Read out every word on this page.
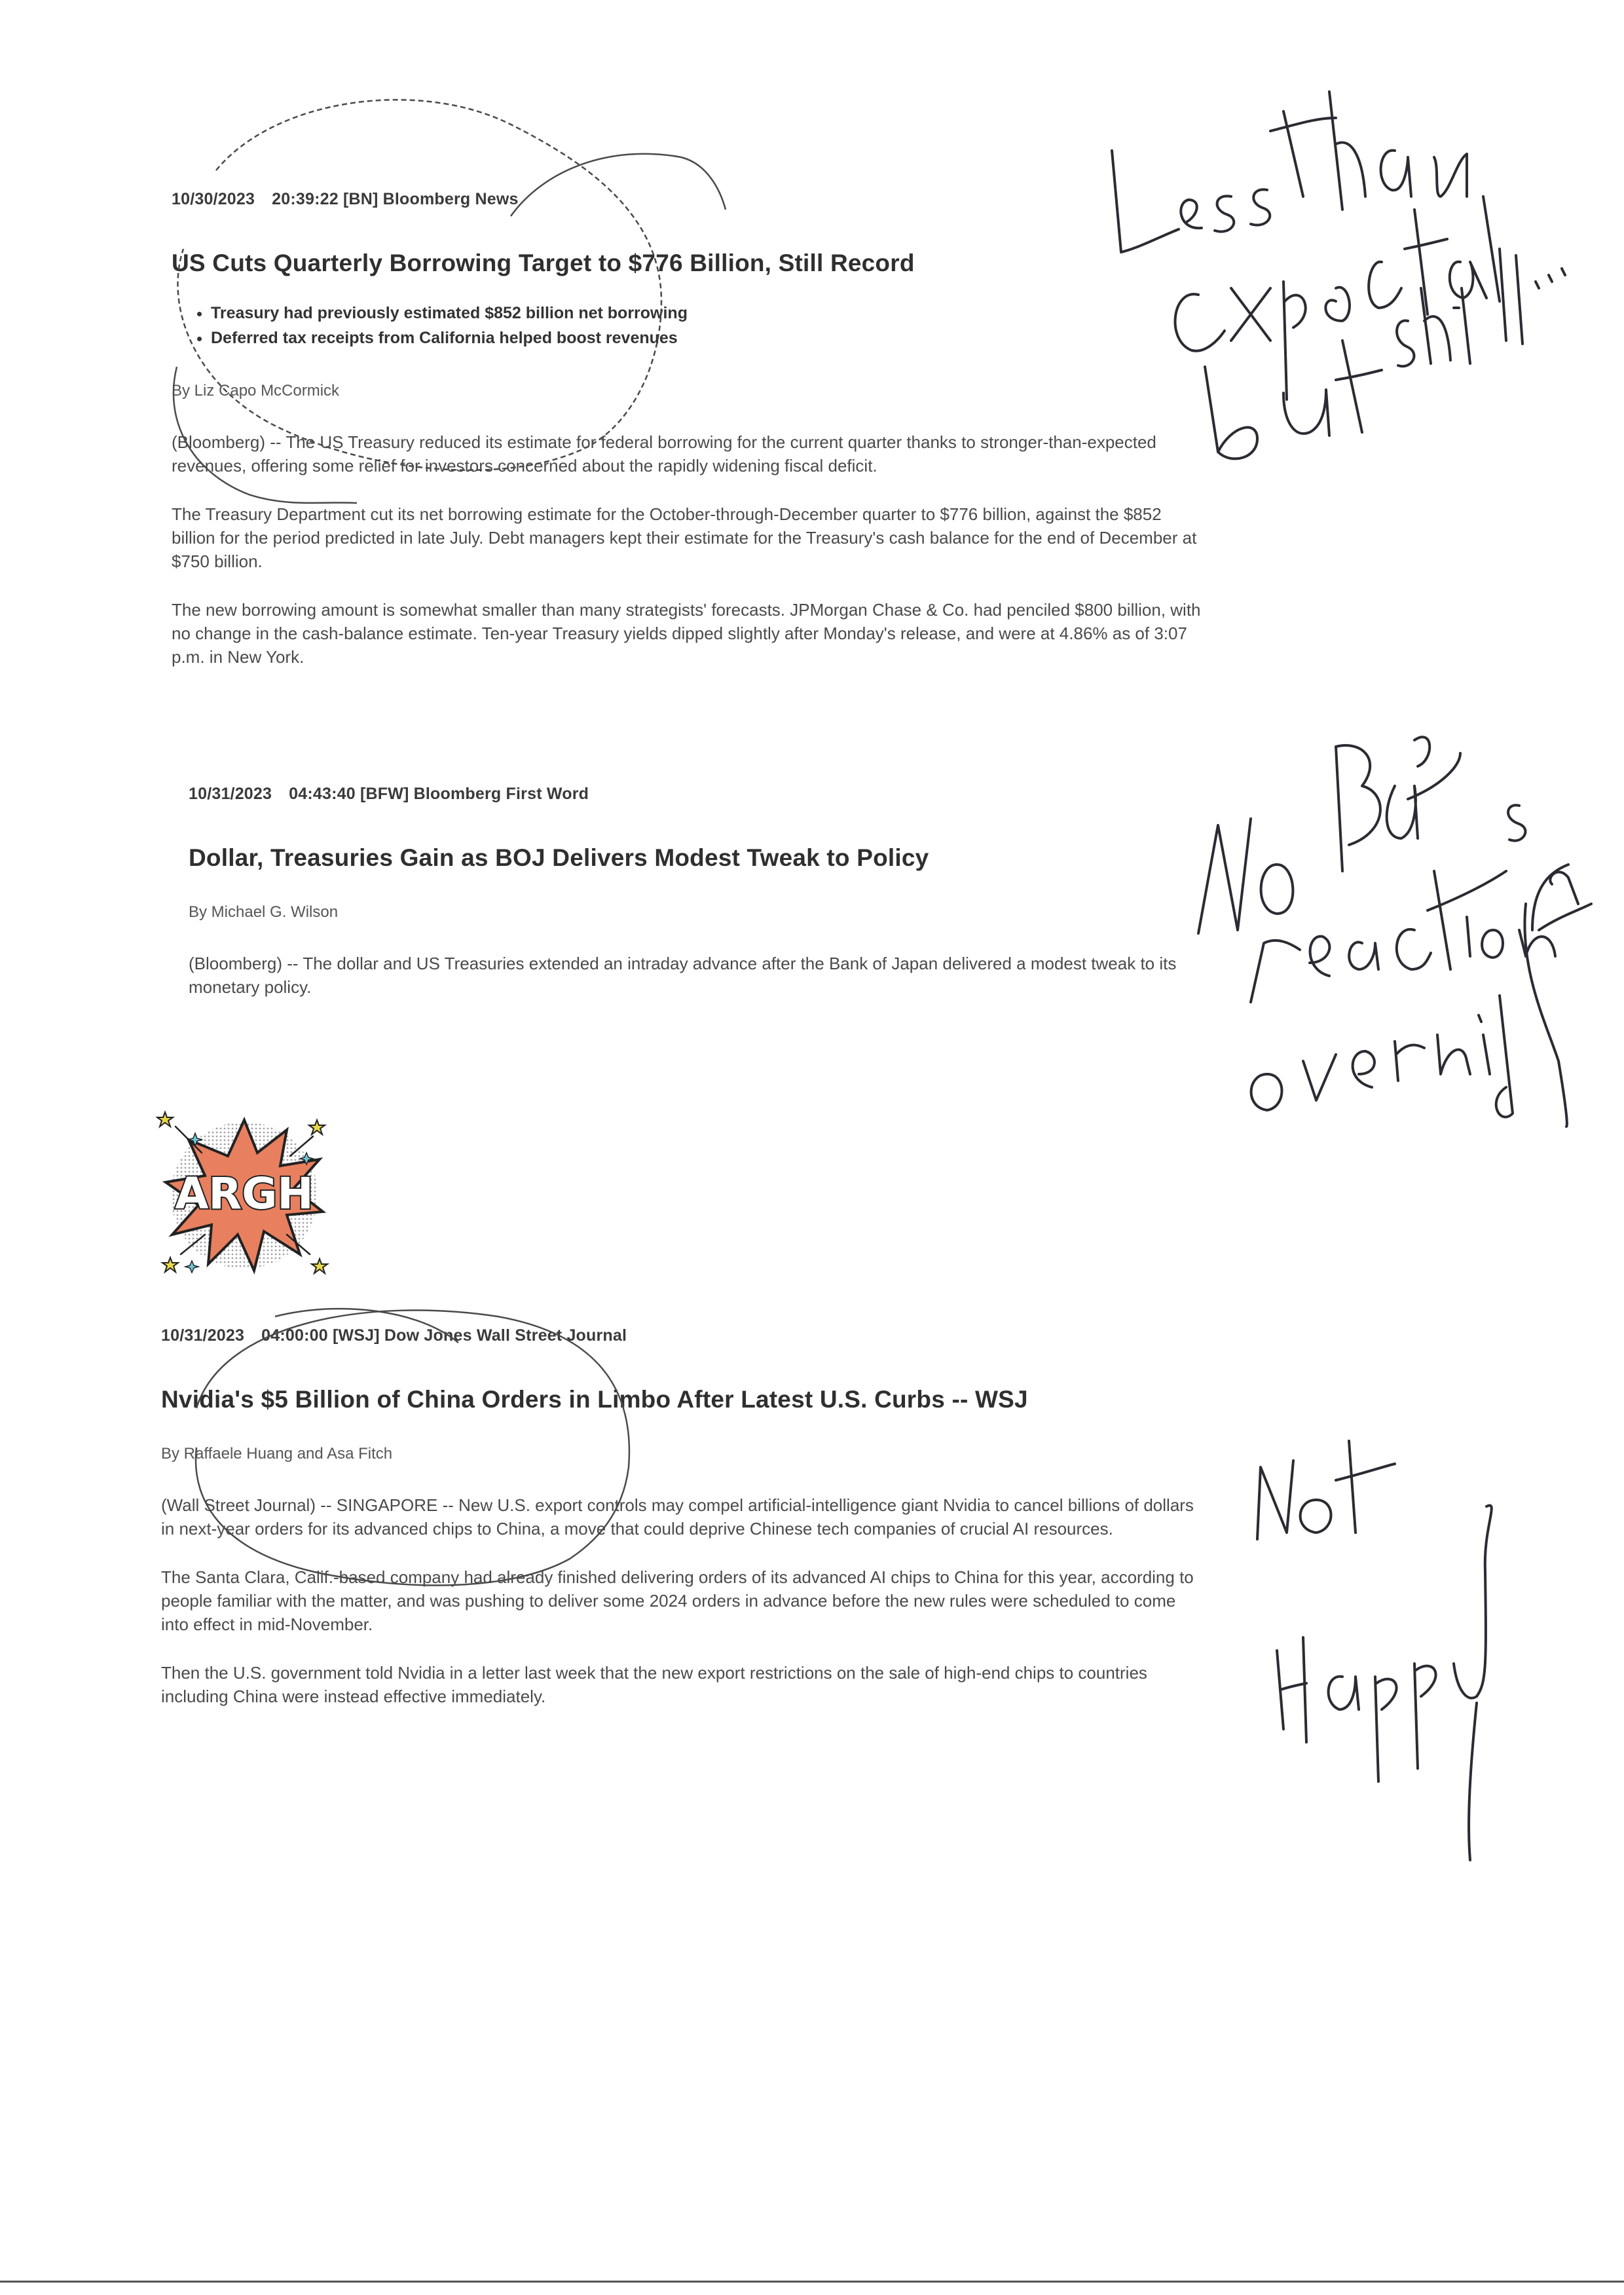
10/30/2023 20:39:22 [BN] Bloomberg News
US Cuts Quarterly Borrowing Target to $776 Billion, Still Record
• Treasury had previously estimated $852 billion net borrowing
• Deferred tax receipts from California helped boost revenues
By Liz Capo McCormick

(Bloomberg) -- The US Treasury reduced its estimate for federal borrowing for the current quarter thanks to stronger-than-expected revenues, offering some relief for investors concerned about the rapidly widening fiscal deficit.

The Treasury Department cut its net borrowing estimate for the October-through-December quarter to $776 billion, against the $852 billion for the period predicted in late July. Debt managers kept their estimate for the Treasury's cash balance for the end of December at $750 billion.

The new borrowing amount is somewhat smaller than many strategists' forecasts. JPMorgan Chase & Co. had penciled $800 billion, with no change in the cash-balance estimate. Ten-year Treasury yields dipped slightly after Monday's release, and were at 4.86% as of 3:07 p.m. in New York.

10/31/2023 04:43:40 [BFW] Bloomberg First Word
Dollar, Treasuries Gain as BOJ Delivers Modest Tweak to Policy
By Michael G. Wilson

(Bloomberg) -- The dollar and US Treasuries extended an intraday advance after the Bank of Japan delivered a modest tweak to its monetary policy.

ARGH
10/31/2023 04:00:00 [WSJ] Dow Jones Wall Street Journal
Nvidia's $5 Billion of China Orders in Limbo After Latest U.S. Curbs -- WSJ
By Raffaele Huang and Asa Fitch

(Wall Street Journal) -- SINGAPORE -- New U.S. export controls may compel artificial-intelligence giant Nvidia to cancel billions of dollars in next-year orders for its advanced chips to China, a move that could deprive Chinese tech companies of crucial AI resources.

The Santa Clara, Calif.-based company had already finished delivering orders of its advanced AI chips to China for this year, according to people familiar with the matter, and was pushing to deliver some 2024 orders in advance before the new rules were scheduled to come into effect in mid-November.

Then the U.S. government told Nvidia in a letter last week that the new export restrictions on the sale of high-end chips to countries including China were instead effective immediately.
